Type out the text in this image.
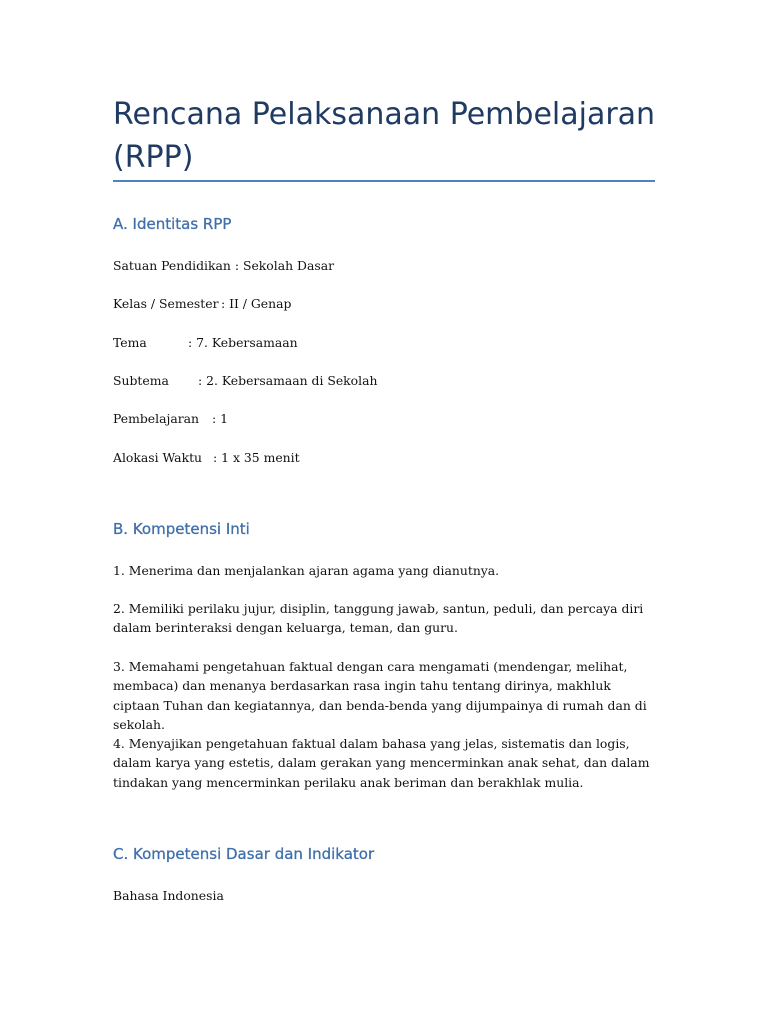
Rencana Pelaksanaan Pembelajaran (RPP)
A. Identitas RPP

Satuan Pendidikan : Sekolah Dasar

Kelas / Semester : II / Genap

Tema	: 7. Kebersamaan

Subtema : 2. Kebersamaan di Sekolah

Pembelajaran : 1

Alokasi Waktu : 1 x 35 menit

B. Kompetensi Inti

1. Menerima dan menjalankan ajaran agama yang dianutnya.

2. Memiliki perilaku jujur, disiplin, tanggung jawab, santun, peduli, dan percaya diri dalam berinteraksi dengan keluarga, teman, dan guru.

3. Memahami pengetahuan faktual dengan cara mengamati (mendengar, melihat, membaca) dan menanya berdasarkan rasa ingin tahu tentang dirinya, makhluk ciptaan Tuhan dan kegiatannya, dan benda-benda yang dijumpainya di rumah dan di sekolah.

4. Menyajikan pengetahuan faktual dalam bahasa yang jelas, sistematis dan logis, dalam karya yang estetis, dalam gerakan yang mencerminkan anak sehat, dan dalam tindakan yang mencerminkan perilaku anak beriman dan berakhlak mulia.

C. Kompetensi Dasar dan Indikator

Bahasa Indonesia
